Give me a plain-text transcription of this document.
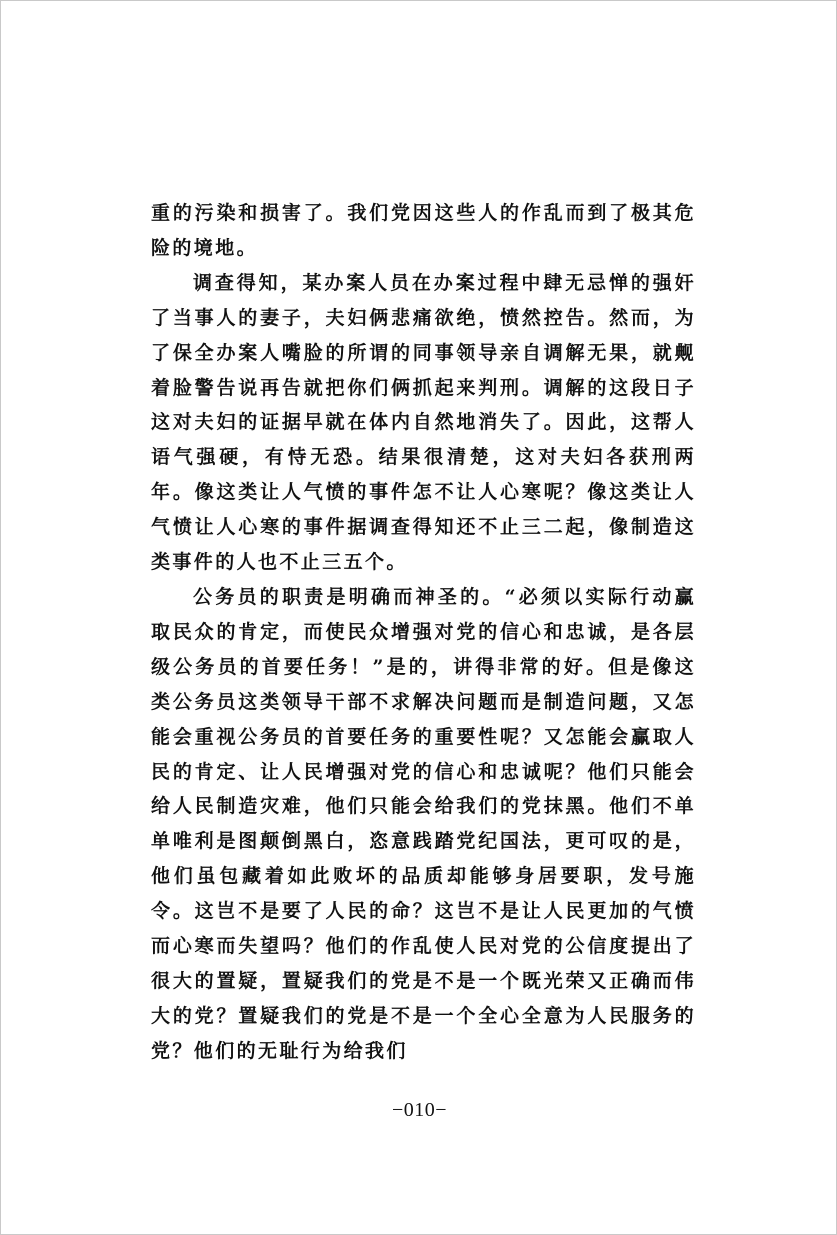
重的污染和损害了。我们党因这些人的作乱而到了极其危险的境地。

调查得知，某办案人员在办案过程中肆无忌惮的强奸了当事人的妻子，夫妇俩悲痛欲绝，愤然控告。然而，为了保全办案人嘴脸的所谓的同事领导亲自调解无果，就觍着脸警告说再告就把你们俩抓起来判刑。调解的这段日子这对夫妇的证据早就在体内自然地消失了。因此，这帮人语气强硬，有恃无恐。结果很清楚，这对夫妇各获刑两年。像这类让人气愤的事件怎不让人心寒呢？像这类让人气愤让人心寒的事件据调查得知还不止三二起，像制造这类事件的人也不止三五个。

公务员的职责是明确而神圣的。“必须以实际行动赢取民众的肯定，而使民众增强对党的信心和忠诚，是各层级公务员的首要任务！”是的，讲得非常的好。但是像这类公务员这类领导干部不求解决问题而是制造问题，又怎能会重视公务员的首要任务的重要性呢？又怎能会赢取人民的肯定、让人民增强对党的信心和忠诚呢？他们只能会给人民制造灾难，他们只能会给我们的党抹黑。他们不单单唯利是图颠倒黑白，恣意践踏党纪国法，更可叹的是，他们虽包藏着如此败坏的品质却能够身居要职，发号施令。这岂不是要了人民的命？这岂不是让人民更加的气愤而心寒而失望吗？他们的作乱使人民对党的公信度提出了很大的置疑，置疑我们的党是不是一个既光荣又正确而伟大的党？置疑我们的党是不是一个全心全意为人民服务的党？他们的无耻行为给我们

−010−
